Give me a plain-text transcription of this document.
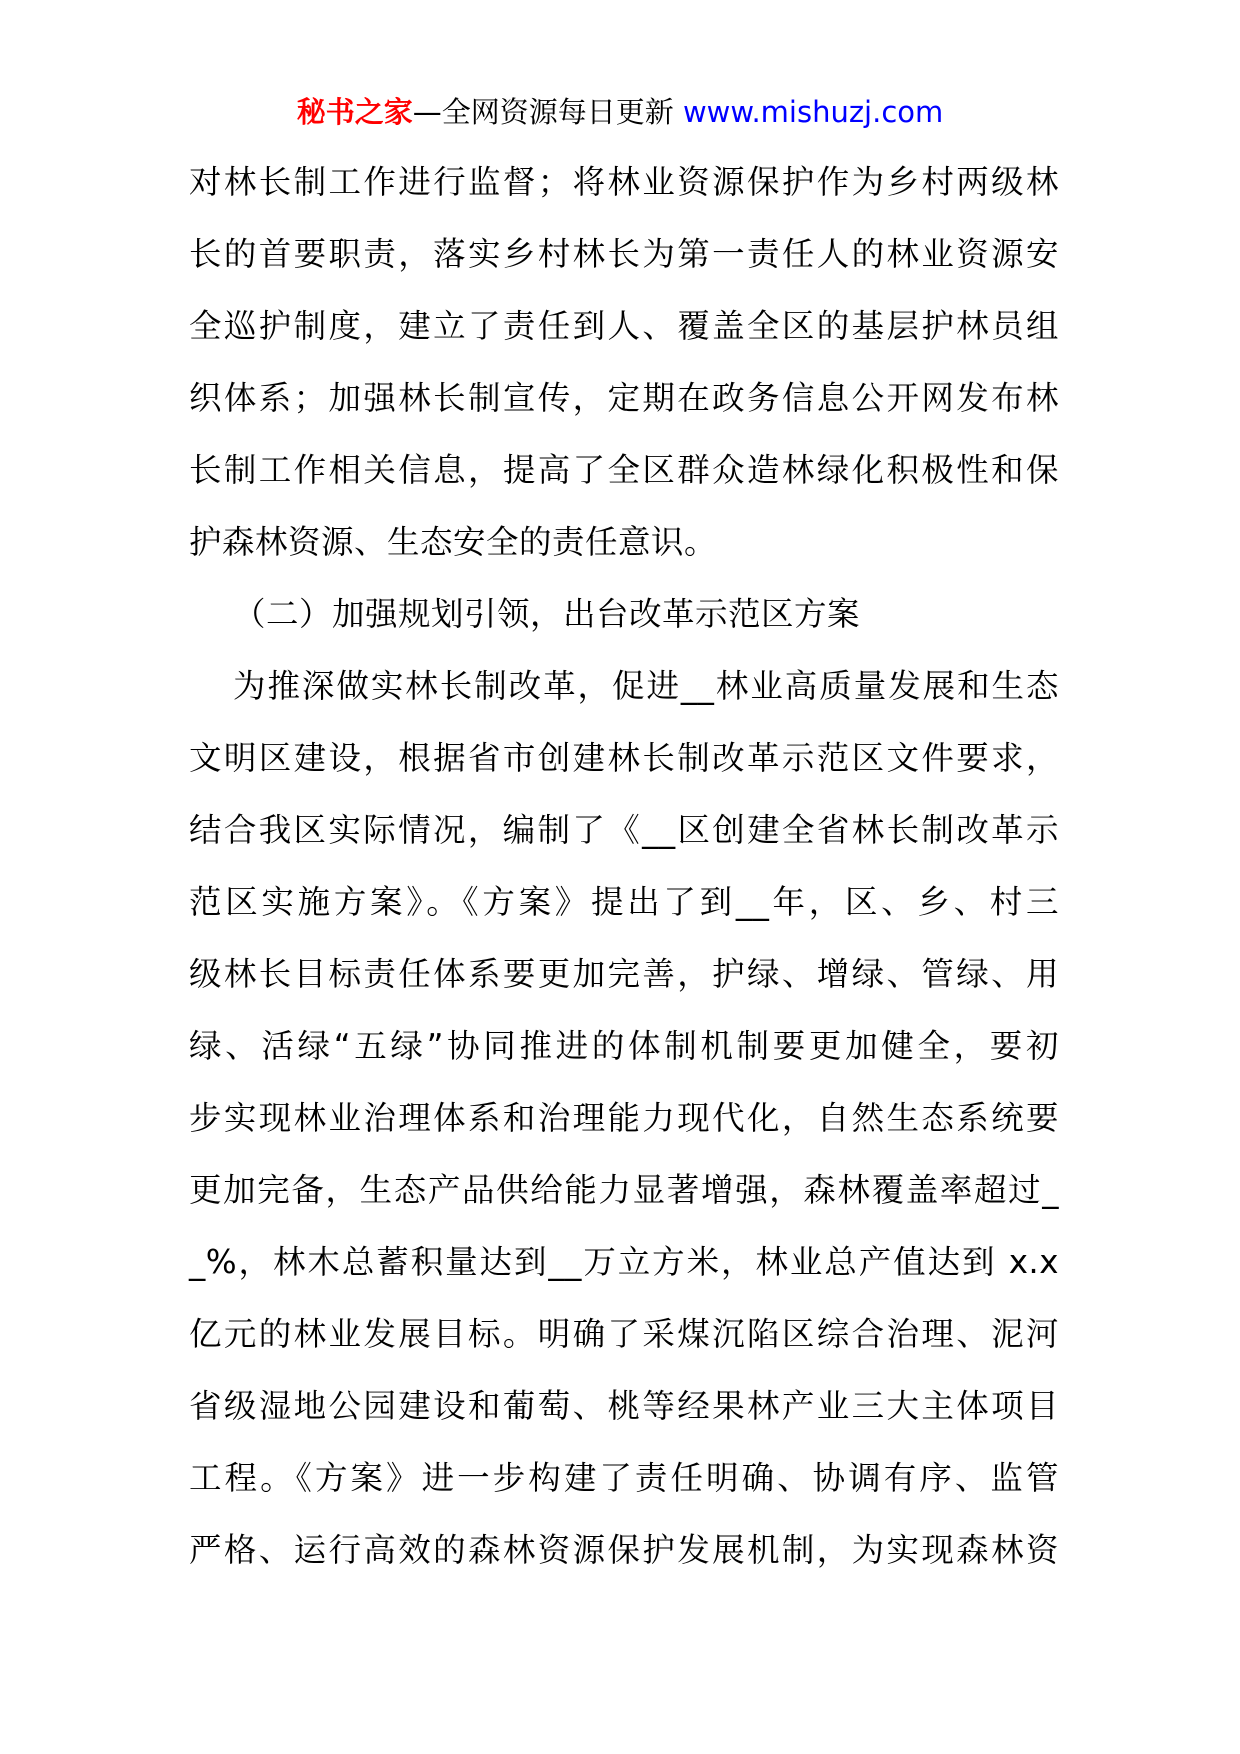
秘书之家—全网资源每日更新 www.mishuzj.com
对林长制工作进行监督；将林业资源保护作为乡村两级林
长的首要职责，落实乡村林长为第一责任人的林业资源安
全巡护制度，建立了责任到人、覆盖全区的基层护林员组
织体系；加强林长制宣传，定期在政务信息公开网发布林
长制工作相关信息，提高了全区群众造林绿化积极性和保
护森林资源、生态安全的责任意识。
（二）加强规划引领，出台改革示范区方案
为推深做实林长制改革，促进__林业高质量发展和生态
文明区建设，根据省市创建林长制改革示范区文件要求，
结合我区实际情况，编制了《__区创建全省林长制改革示
范区实施方案》。《方案》提出了到__年，区、乡、村三
级林长目标责任体系要更加完善，护绿、增绿、管绿、用
绿、活绿“五绿”协同推进的体制机制要更加健全，要初
步实现林业治理体系和治理能力现代化，自然生态系统要
更加完备，生态产品供给能力显著增强，森林覆盖率超过_
_%，林木总蓄积量达到__万立方米，林业总产值达到 x.x
亿元的林业发展目标。明确了采煤沉陷区综合治理、泥河
省级湿地公园建设和葡萄、桃等经果林产业三大主体项目
工程。《方案》进一步构建了责任明确、协调有序、监管
严格、运行高效的森林资源保护发展机制，为实现森林资
